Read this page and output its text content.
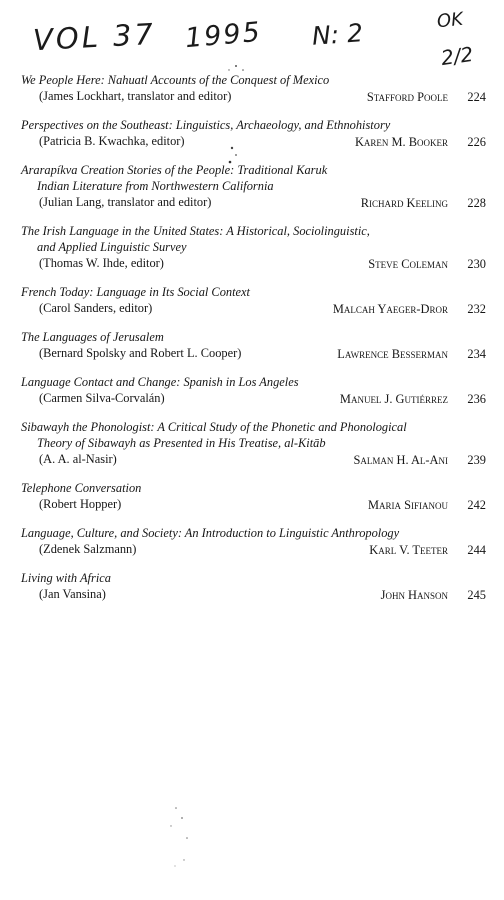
VOL 37 1995 N: 2	OK
2/2
We People Here: Nahuatl Accounts of the Conquest of Mexico
(James Lockhart, translator and editor)	Stafford Poole 224
Perspectives on the Southeast: Linguistics, Archaeology, and Ethnohistory
(Patricia B. Kwachka, editor)	Karen M. Booker 226
Ararapíkva Creation Stories of the People: Traditional Karuk
Indian Literature from Northwestern California
(Julian Lang, translator and editor)	Richard Keeling 228
The Irish Language in the United States: A Historical, Sociolinguistic,
and Applied Linguistic Survey
(Thomas W. Ihde, editor)	Steve Coleman 230
French Today: Language in Its Social Context
(Carol Sanders, editor)	Malcah Yaeger-Dror 232
The Languages of Jerusalem
(Bernard Spolsky and Robert L. Cooper)	Lawrence Besserman 234
Language Contact and Change: Spanish in Los Angeles
(Carmen Silva-Corvalán)	Manuel J. Gutiérrez 236
Sibawayh the Phonologist: A Critical Study of the Phonetic and Phonological
Theory of Sibawayh as Presented in His Treatise, al-Kitāb
(A. A. al-Nasir)	Salman H. Al-Ani 239
Telephone Conversation
(Robert Hopper)	Maria Sifianou 242
Language, Culture, and Society: An Introduction to Linguistic Anthropology
(Zdenek Salzmann)	Karl V. Teeter 244
Living with Africa
(Jan Vansina)	John Hanson 245
